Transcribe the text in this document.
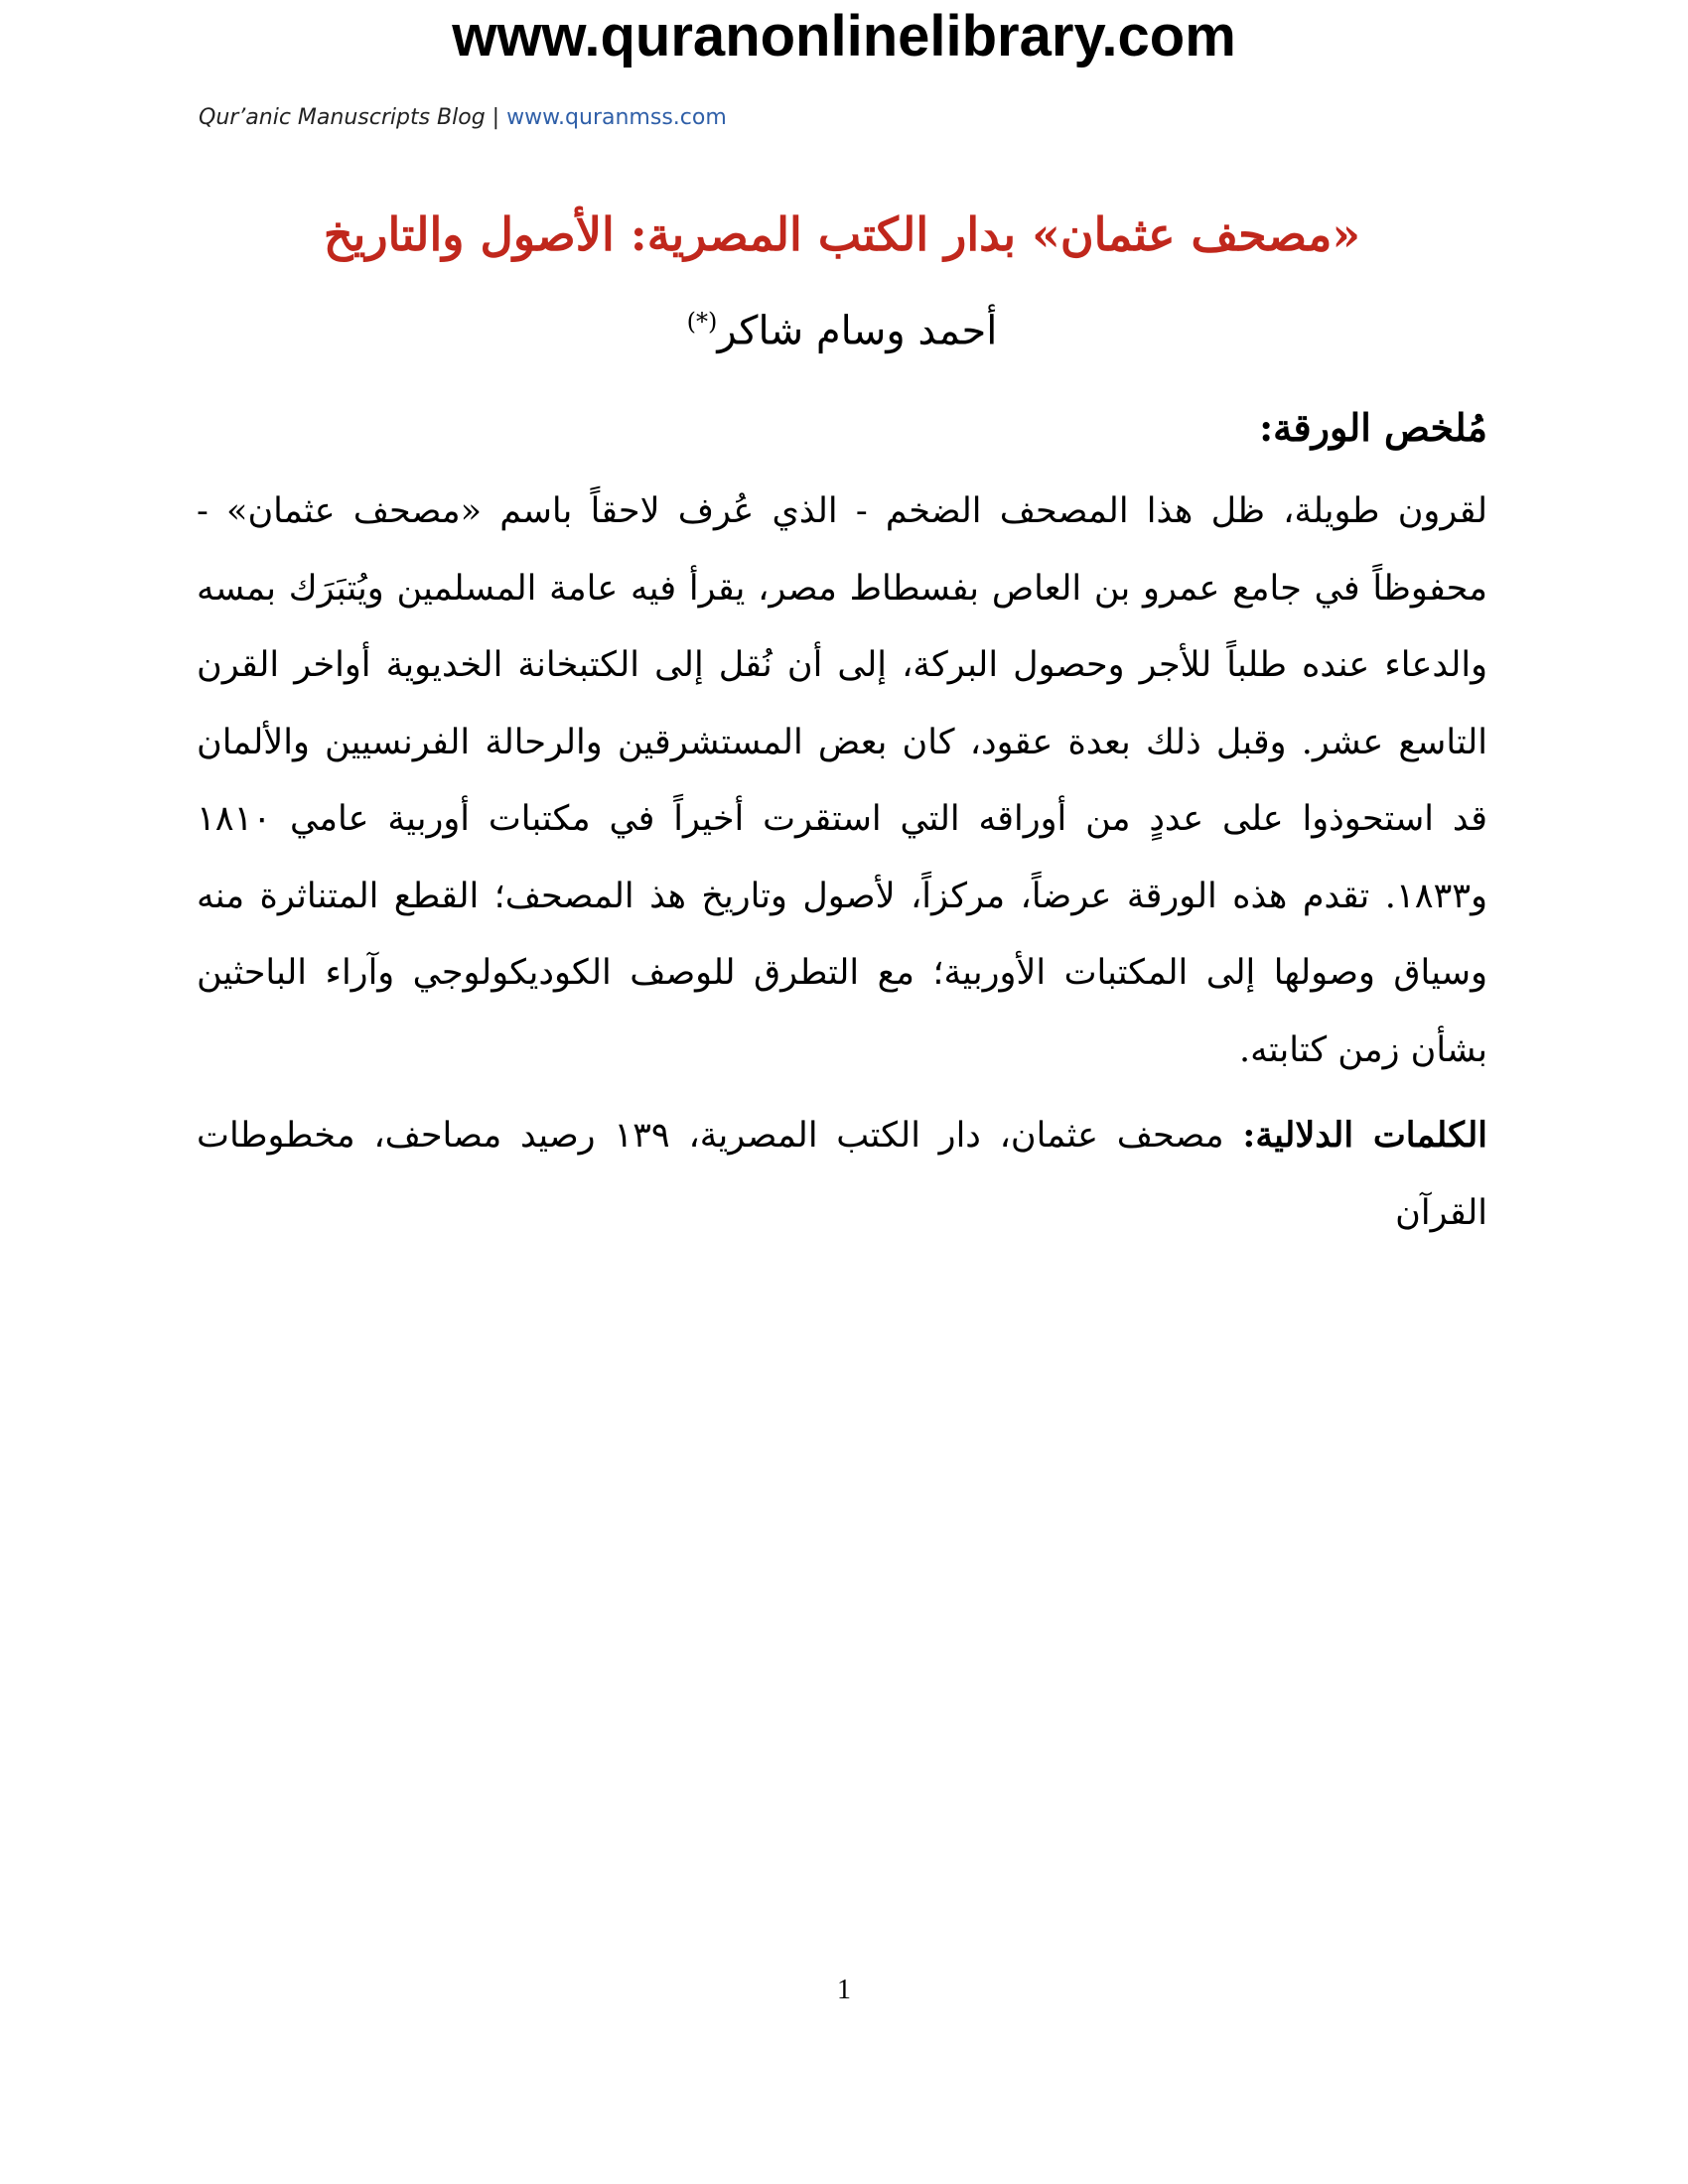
www.quranonlinelibrary.com
Qur’anic Manuscripts Blog | www.quranmss.com
«مصحف عثمان» بدار الكتب المصرية: الأصول والتاريخ
أحمد وسام شاكر(*)
مُلخص الورقة:

لقرون طويلة، ظل هذا المصحف الضخم - الذي عُرف لاحقاً باسم «مصحف عثمان» - محفوظاً في جامع عمرو بن العاص بفسطاط مصر، يقرأ فيه عامة المسلمين ويُتبَرَك بمسه والدعاء عنده طلباً للأجر وحصول البركة، إلى أن نُقل إلى الكتبخانة الخديوية أواخر القرن التاسع عشر. وقبل ذلك بعدة عقود، كان بعض المستشرقين والرحالة الفرنسيين والألمان قد استحوذوا على عددٍ من أوراقه التي استقرت أخيراً في مكتبات أوربية عامي ١٨١٠ و١٨٣٣. تقدم هذه الورقة عرضاً، مركزاً، لأصول وتاريخ هذ المصحف؛ القطع المتناثرة منه وسياق وصولها إلى المكتبات الأوربية؛ مع التطرق للوصف الكوديكولوجي وآراء الباحثين بشأن زمن كتابته.

الكلمات الدلالية: مصحف عثمان، دار الكتب المصرية، ١٣٩ رصيد مصاحف، مخطوطات القرآن

1
